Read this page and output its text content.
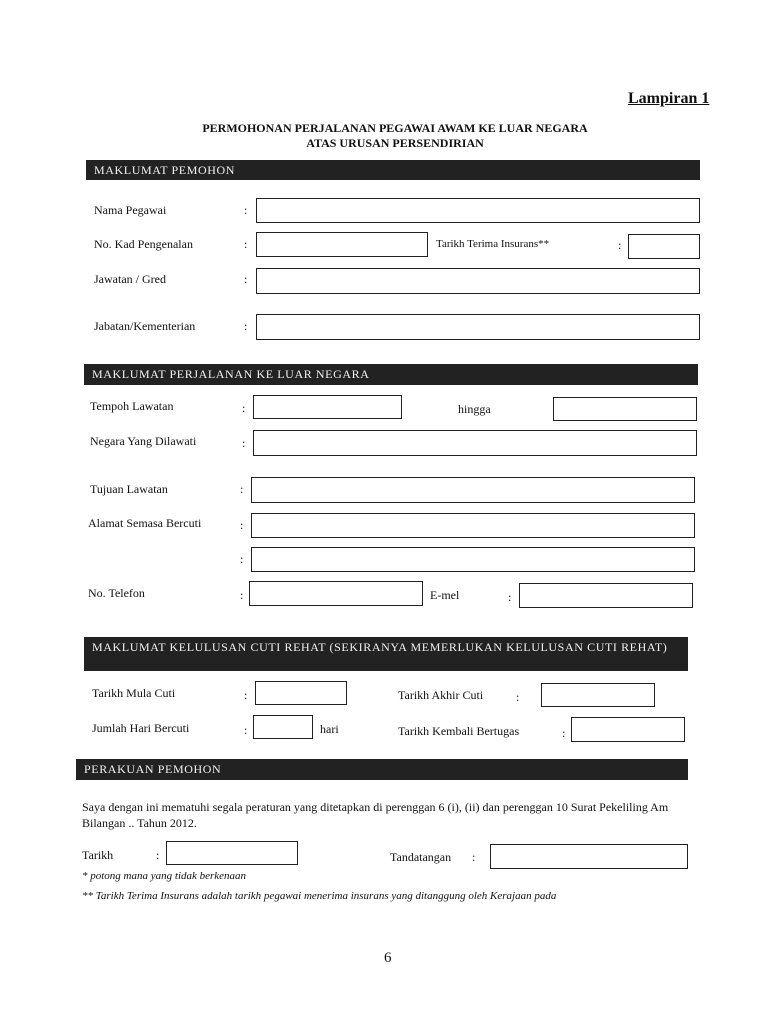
Lampiran 1
PERMOHONAN PERJALANAN PEGAWAI AWAM KE LUAR NEGARA
ATAS URUSAN PERSENDIRIAN
MAKLUMAT PEMOHON
Nama Pegawai	:
No. Kad Pengenalan	:	Tarikh Terima Insurans**	:
Jawatan / Gred	:
Jabatan/Kementerian	:
MAKLUMAT PERJALANAN KE LUAR NEGARA
Tempoh Lawatan	:	hingga
Negara Yang Dilawati	:
Tujuan Lawatan	:
Alamat Semasa Bercuti	:
:
No. Telefon	:	E-mel	:
MAKLUMAT KELULUSAN CUTI REHAT (SEKIRANYA MEMERLUKAN KELULUSAN CUTI REHAT)
Tarikh Mula Cuti	:	Tarikh Akhir Cuti	:
Jumlah Hari Bercuti	:	hari	Tarikh Kembali Bertugas	:
PERAKUAN PEMOHON
Saya dengan ini mematuhi segala peraturan yang ditetapkan di perenggan 6 (i), (ii) dan perenggan 10 Surat Pekeliling Am Bilangan .. Tahun 2012.
Tarikh	:	Tandatangan :
* potong mana yang tidak berkenaan
** Tarikh Terima Insurans adalah tarikh pegawai menerima insurans yang ditanggung oleh Kerajaan pada
6
